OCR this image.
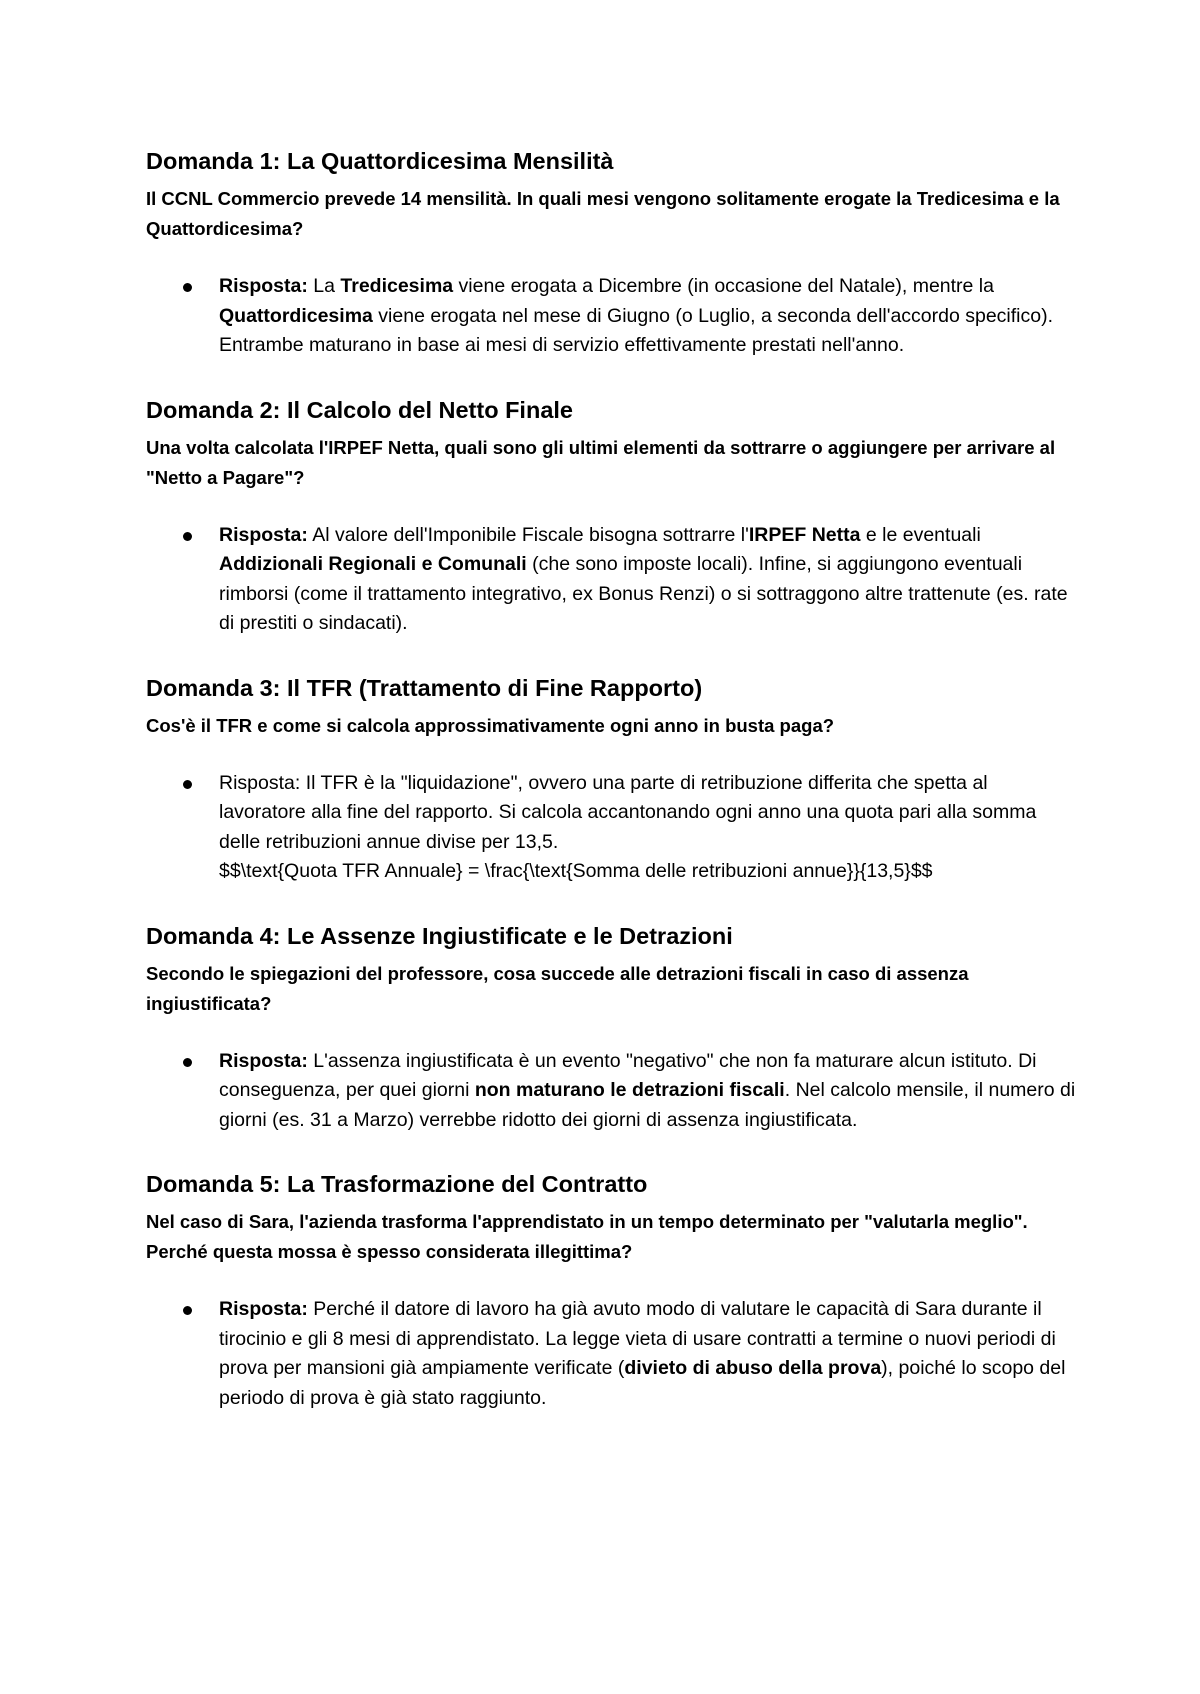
Domanda 1: La Quattordicesima Mensilità
Il CCNL Commercio prevede 14 mensilità. In quali mesi vengono solitamente erogate la Tredicesima e la Quattordicesima?
Risposta: La Tredicesima viene erogata a Dicembre (in occasione del Natale), mentre la Quattordicesima viene erogata nel mese di Giugno (o Luglio, a seconda dell'accordo specifico). Entrambe maturano in base ai mesi di servizio effettivamente prestati nell'anno.
Domanda 2: Il Calcolo del Netto Finale
Una volta calcolata l'IRPEF Netta, quali sono gli ultimi elementi da sottrarre o aggiungere per arrivare al "Netto a Pagare"?
Risposta: Al valore dell'Imponibile Fiscale bisogna sottrarre l'IRPEF Netta e le eventuali Addizionali Regionali e Comunali (che sono imposte locali). Infine, si aggiungono eventuali rimborsi (come il trattamento integrativo, ex Bonus Renzi) o si sottraggono altre trattenute (es. rate di prestiti o sindacati).
Domanda 3: Il TFR (Trattamento di Fine Rapporto)
Cos'è il TFR e come si calcola approssimativamente ogni anno in busta paga?
Risposta: Il TFR è la "liquidazione", ovvero una parte di retribuzione differita che spetta al lavoratore alla fine del rapporto. Si calcola accantonando ogni anno una quota pari alla somma delle retribuzioni annue divise per 13,5.
$$\text{Quota TFR Annuale} = \frac{\text{Somma delle retribuzioni annue}}{13,5}$$
Domanda 4: Le Assenze Ingiustificate e le Detrazioni
Secondo le spiegazioni del professore, cosa succede alle detrazioni fiscali in caso di assenza ingiustificata?
Risposta: L'assenza ingiustificata è un evento "negativo" che non fa maturare alcun istituto. Di conseguenza, per quei giorni non maturano le detrazioni fiscali. Nel calcolo mensile, il numero di giorni (es. 31 a Marzo) verrebbe ridotto dei giorni di assenza ingiustificata.
Domanda 5: La Trasformazione del Contratto
Nel caso di Sara, l'azienda trasforma l'apprendistato in un tempo determinato per "valutarla meglio". Perché questa mossa è spesso considerata illegittima?
Risposta: Perché il datore di lavoro ha già avuto modo di valutare le capacità di Sara durante il tirocinio e gli 8 mesi di apprendistato. La legge vieta di usare contratti a termine o nuovi periodi di prova per mansioni già ampiamente verificate (divieto di abuso della prova), poiché lo scopo del periodo di prova è già stato raggiunto.
